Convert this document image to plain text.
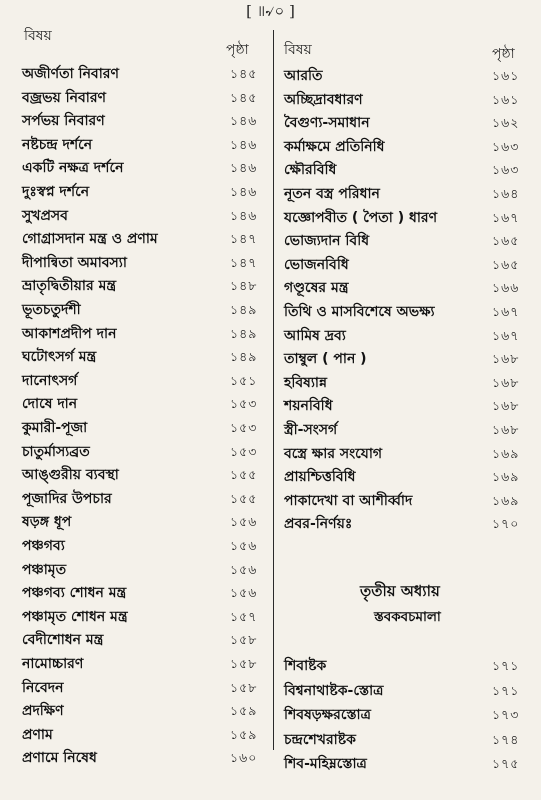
[ ॥৵০ ]
বিষয়
পৃষ্ঠা
অজীর্ণতা নিবারণ	১৪৫
বজ্রভয় নিবারণ	১৪৫
সর্পভয় নিবারণ	১৪৬
নষ্টচন্দ্র দর্শনে	১৪৬
একটি নক্ষত্র দর্শনে	১৪৬
দুঃস্বপ্ন দর্শনে	১৪৬
সুখপ্রসব	১৪৬
গোগ্রাসদান মন্ত্র ও প্রণাম	১৪৭
দীপান্বিতা অমাবস্যা	১৪৭
ভ্রাতৃদ্বিতীয়ার মন্ত্র	১৪৮
ভূতচতুর্দশী	১৪৯
আকাশপ্রদীপ দান	১৪৯
ঘটোৎসর্গ মন্ত্র	১৪৯
দানোৎসর্গ	১৫১
দোষে দান	১৫৩
কুমারী-পূজা	১৫৩
চাতুর্মাস্যব্রত	১৫৩
আঙ্গুরীয় ব্যবস্থা	১৫৫
পূজাদির উপচার	১৫৫
ষড়ঙ্গ ধূপ	১৫৬
পঞ্চগব্য	১৫৬
পঞ্চামৃত	১৫৬
পঞ্চগব্য শোধন মন্ত্র	১৫৬
পঞ্চামৃত শোধন মন্ত্র	১৫৭
বেদীশোধন মন্ত্র	১৫৮
নামোচ্চারণ	১৫৮
নিবেদন	১৫৮
প্রদক্ষিণ	১৫৯
প্রণাম	১৫৯
প্রণামে নিষেধ	১৬০
বিষয়	পৃষ্ঠা
আরতি	১৬১
অচ্ছিদ্রাবধারণ	১৬১
বৈগুণ্য-সমাধান	১৬২
কর্মাক্ষমে প্রতিনিধি	১৬৩
ক্ষৌরবিধি	১৬৩
নূতন বস্ত্র পরিধান	১৬৪
যজ্ঞোপবীত ( পৈতা ) ধারণ	১৬৭
ভোজ্যদান বিধি	১৬৫
ভোজনবিধি	১৬৫
গণ্ডূষের মন্ত্র	১৬৬
তিথি ও মাসবিশেষে অভক্ষ্য	১৬৭
আমিষ দ্রব্য	১৬৭
তাম্বুল ( পান )	১৬৮
হবিষ্যান্ন	১৬৮
শয়নবিধি	১৬৮
স্ত্রী-সংসর্গ	১৬৮
বস্ত্রে ক্ষার সংযোগ	১৬৯
প্রায়শ্চিত্তবিধি	১৬৯
পাকাদেখা বা আশীর্ব্বাদ	১৬৯
প্রবর-নির্ণয়ঃ	১৭০
তৃতীয় অধ্যায়
স্তবকবচমালা
শিবাষ্টক	১৭১
বিশ্বনাথাষ্টক-স্তোত্র	১৭১
শিবষড়ক্ষরস্তোত্র	১৭৩
চন্দ্রশেখরাষ্টক	১৭৪
শিব-মহিম্নস্তোত্র	১৭৫
